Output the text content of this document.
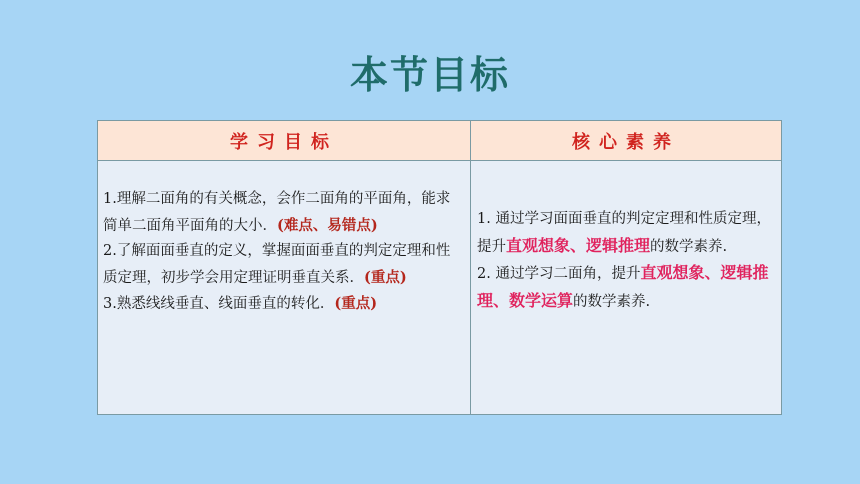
本节目标
学习目标	核心素养
1.理解二面角的有关概念，会作二面角的平面角，能求简单二面角平面角的大小．(难点、易错点)
2.了解面面垂直的定义，掌握面面垂直的判定定理和性质定理，初步学会用定理证明垂直关系．(重点)
3.熟悉线线垂直、线面垂直的转化．(重点)
1. 通过学习面面垂直的判定定理和性质定理，提升直观想象、逻辑推理的数学素养.
2. 通过学习二面角，提升直观想象、逻辑推理、数学运算的数学素养.
